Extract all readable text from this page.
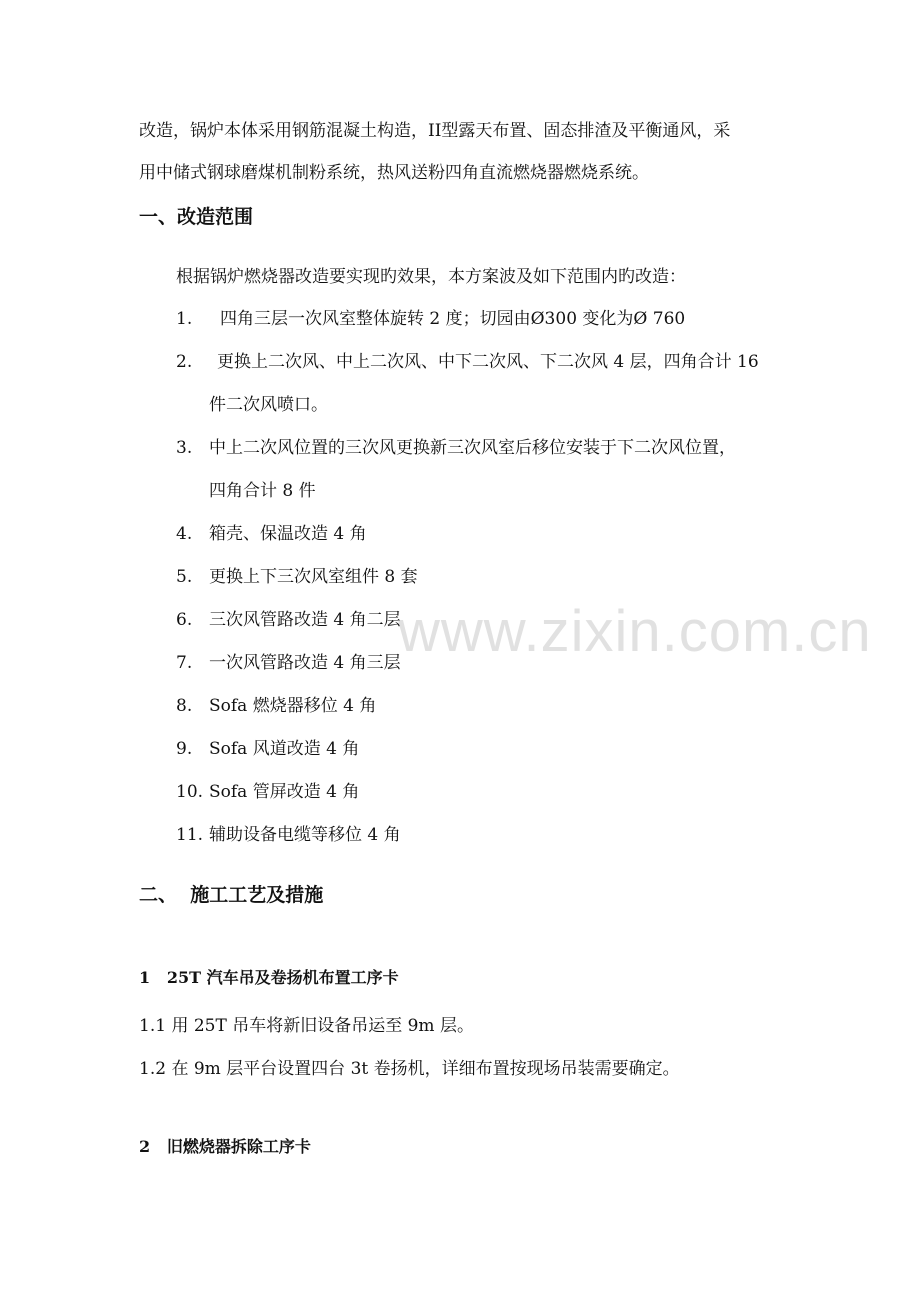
改造，锅炉本体采用钢筋混凝土构造，II型露天布置、固态排渣及平衡通风，采
用中储式钢球磨煤机制粉系统，热风送粉四角直流燃烧器燃烧系统。
一、改造范围
根据锅炉燃烧器改造要实现旳效果，本方案波及如下范围内旳改造：
1. 四角三层一次风室整体旋转 2 度；切园由Ø300 变化为Ø 760
2. 更换上二次风、中上二次风、中下二次风、下二次风 4 层，四角合计 16
件二次风喷口。
3. 中上二次风位置的三次风更换新三次风室后移位安装于下二次风位置，
四角合计 8 件
4. 箱壳、保温改造 4 角
5. 更换上下三次风室组件 8 套
6. 三次风管路改造 4 角二层
7. 一次风管路改造 4 角三层
8. Sofa 燃烧器移位 4 角
9. Sofa 风道改造 4 角
10. Sofa 管屏改造 4 角
11. 辅助设备电缆等移位 4 角
二、  施工工艺及措施
1   25T 汽车吊及卷扬机布置工序卡
1.1 用 25T 吊车将新旧设备吊运至 9m 层。
1.2 在 9m 层平台设置四台 3t 卷扬机，详细布置按现场吊装需要确定。
2   旧燃烧器拆除工序卡
www.zixin.com.cn
